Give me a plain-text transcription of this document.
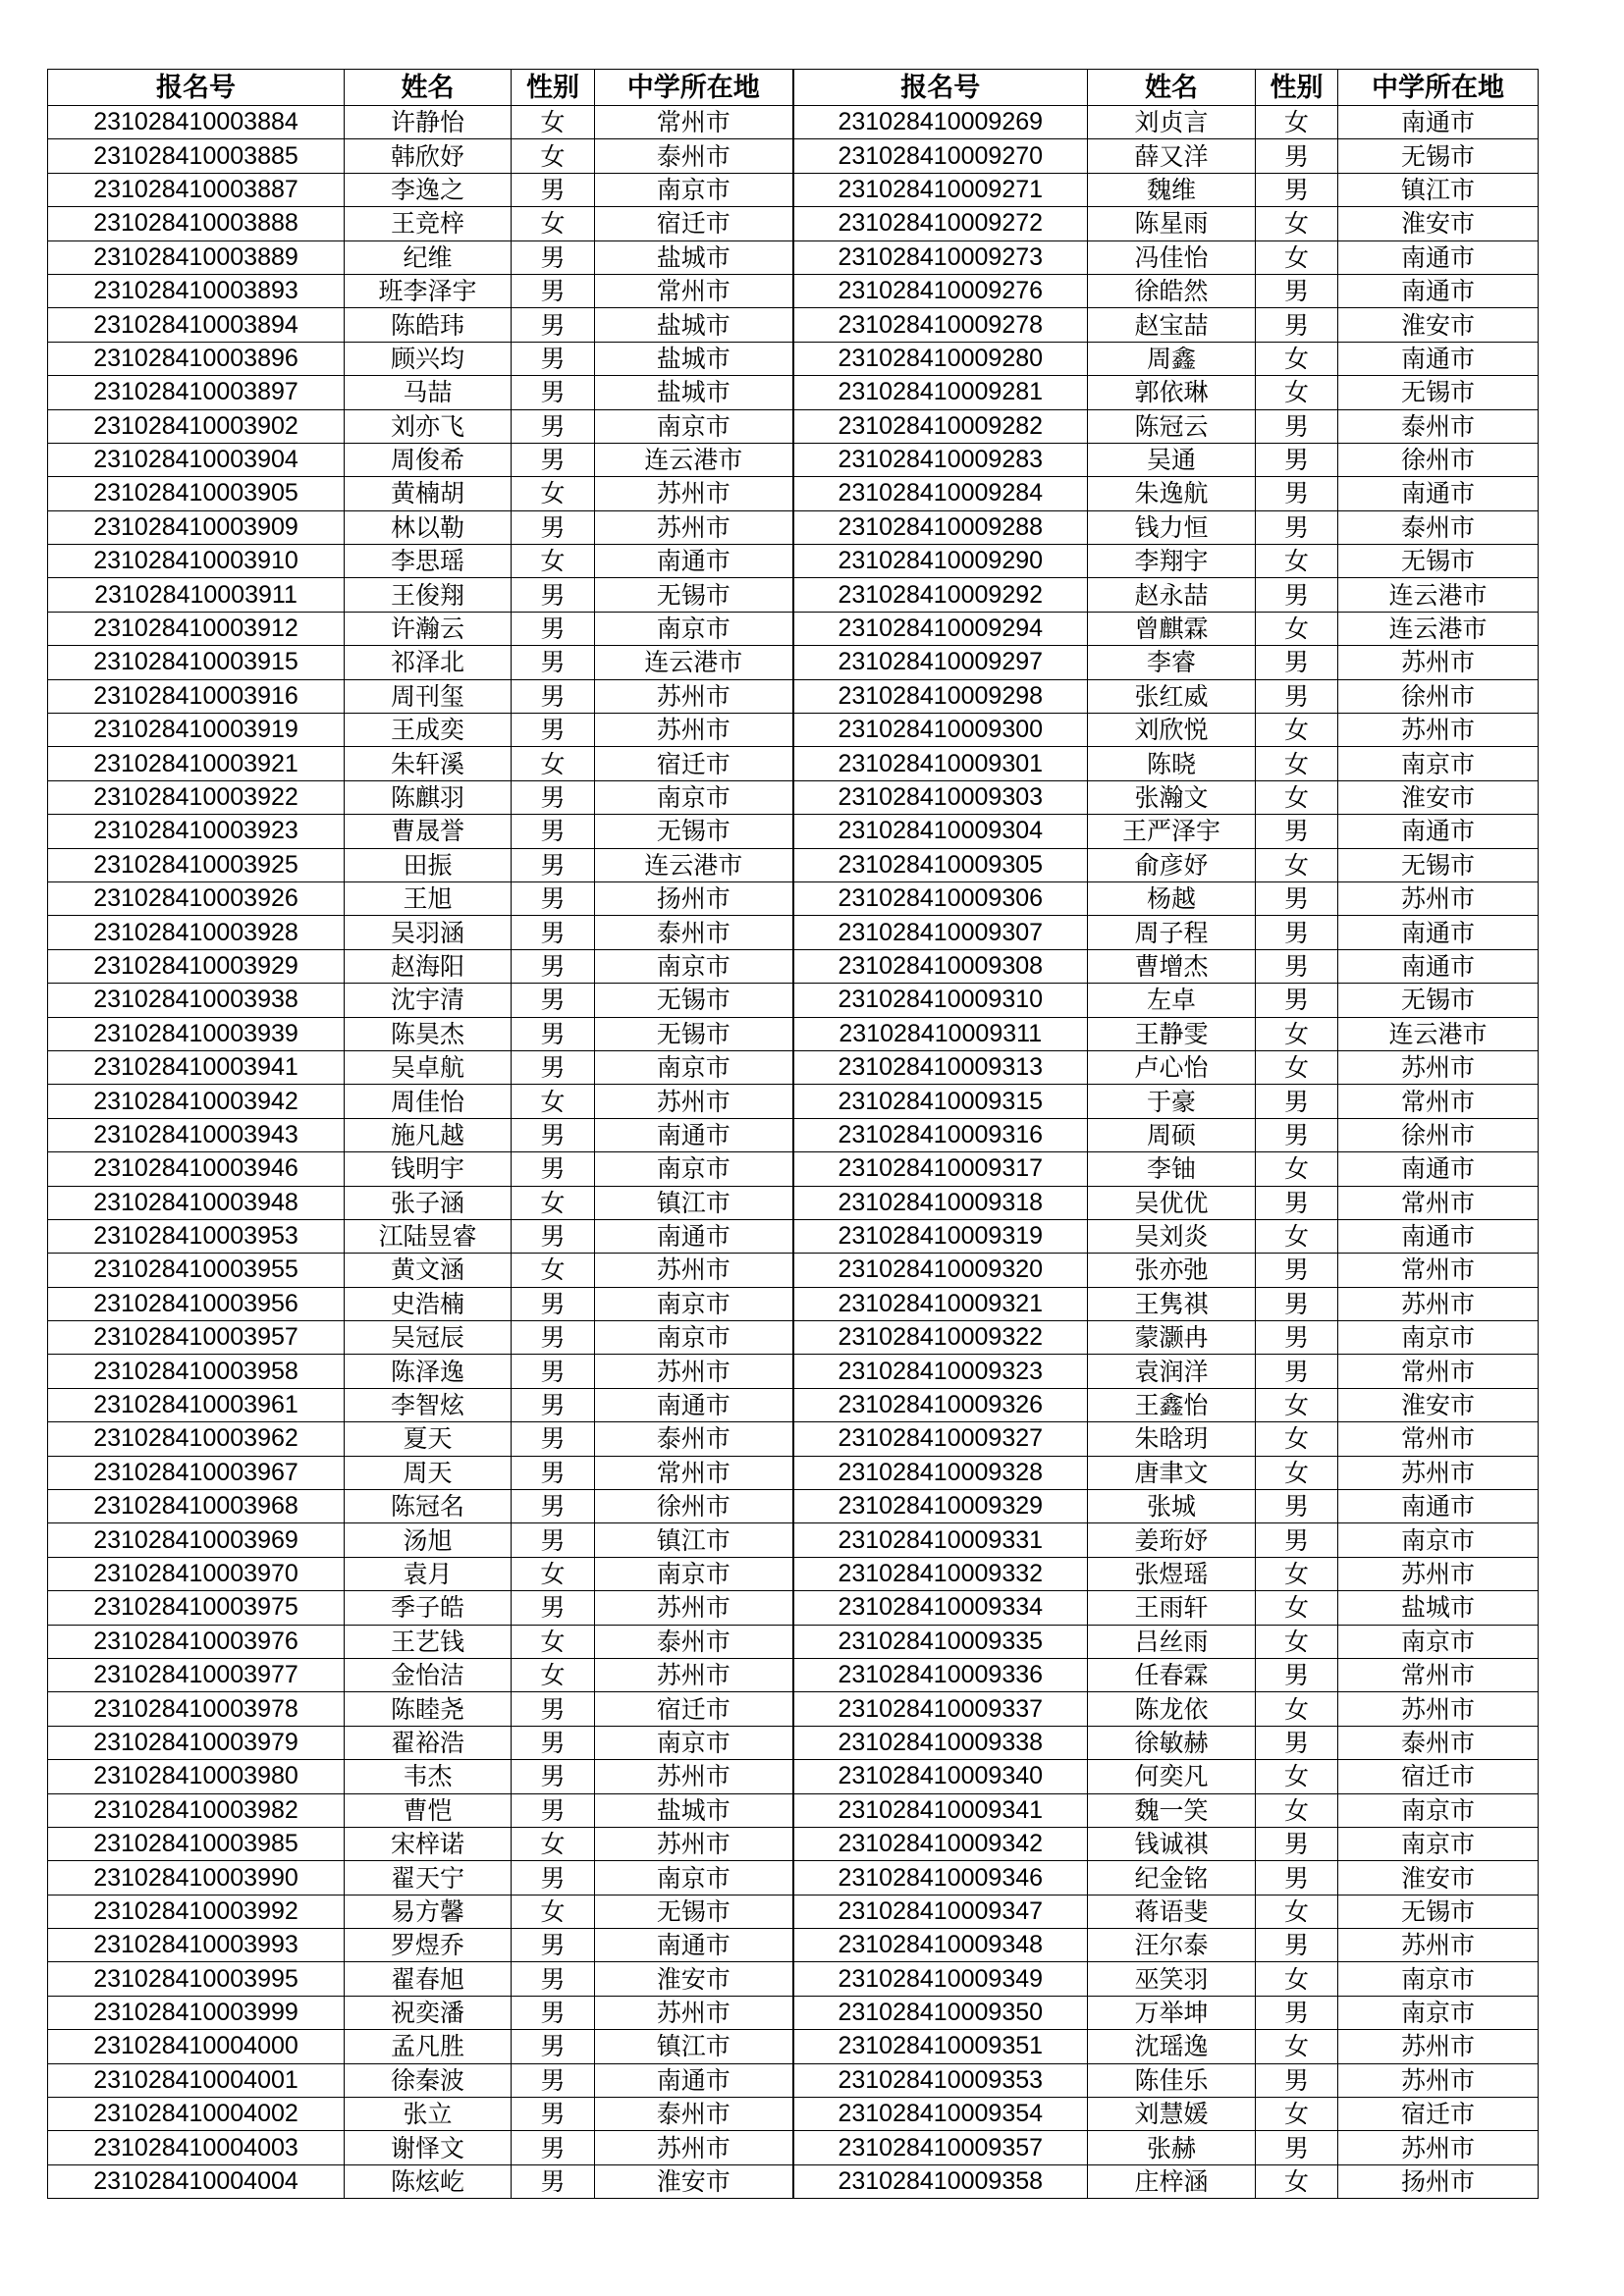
报名号	姓名	性别	中学所在地	报名号	姓名	性别	中学所在地
231028410003884	许静怡	女	常州市	231028410009269	刘贞言	女	南通市
231028410003885	韩欣妤	女	泰州市	231028410009270	薛又洋	男	无锡市
231028410003887	李逸之	男	南京市	231028410009271	魏维	男	镇江市
231028410003888	王竞梓	女	宿迁市	231028410009272	陈星雨	女	淮安市
231028410003889	纪维	男	盐城市	231028410009273	冯佳怡	女	南通市
231028410003893	班李泽宇	男	常州市	231028410009276	徐皓然	男	南通市
231028410003894	陈皓玮	男	盐城市	231028410009278	赵宝喆	男	淮安市
231028410003896	顾兴均	男	盐城市	231028410009280	周鑫	女	南通市
231028410003897	马喆	男	盐城市	231028410009281	郭依琳	女	无锡市
231028410003902	刘亦飞	男	南京市	231028410009282	陈冠云	男	泰州市
231028410003904	周俊希	男	连云港市	231028410009283	吴通	男	徐州市
231028410003905	黄楠胡	女	苏州市	231028410009284	朱逸航	男	南通市
231028410003909	林以勒	男	苏州市	231028410009288	钱力恒	男	泰州市
231028410003910	李思瑶	女	南通市	231028410009290	李翔宇	女	无锡市
231028410003911	王俊翔	男	无锡市	231028410009292	赵永喆	男	连云港市
231028410003912	许瀚云	男	南京市	231028410009294	曾麒霖	女	连云港市
231028410003915	祁泽北	男	连云港市	231028410009297	李睿	男	苏州市
231028410003916	周刊玺	男	苏州市	231028410009298	张红威	男	徐州市
231028410003919	王成奕	男	苏州市	231028410009300	刘欣悦	女	苏州市
231028410003921	朱轩溪	女	宿迁市	231028410009301	陈晓	女	南京市
231028410003922	陈麒羽	男	南京市	231028410009303	张瀚文	女	淮安市
231028410003923	曹晟誉	男	无锡市	231028410009304	王严泽宇	男	南通市
231028410003925	田振	男	连云港市	231028410009305	俞彦妤	女	无锡市
231028410003926	王旭	男	扬州市	231028410009306	杨越	男	苏州市
231028410003928	吴羽涵	男	泰州市	231028410009307	周子程	男	南通市
231028410003929	赵海阳	男	南京市	231028410009308	曹增杰	男	南通市
231028410003938	沈宇清	男	无锡市	231028410009310	左卓	男	无锡市
231028410003939	陈昊杰	男	无锡市	231028410009311	王静雯	女	连云港市
231028410003941	吴卓航	男	南京市	231028410009313	卢心怡	女	苏州市
231028410003942	周佳怡	女	苏州市	231028410009315	于豪	男	常州市
231028410003943	施凡越	男	南通市	231028410009316	周硕	男	徐州市
231028410003946	钱明宇	男	南京市	231028410009317	李铀	女	南通市
231028410003948	张子涵	女	镇江市	231028410009318	吴优优	男	常州市
231028410003953	江陆昱睿	男	南通市	231028410009319	吴刘炎	女	南通市
231028410003955	黄文涵	女	苏州市	231028410009320	张亦弛	男	常州市
231028410003956	史浩楠	男	南京市	231028410009321	王隽祺	男	苏州市
231028410003957	吴冠辰	男	南京市	231028410009322	蒙灏冉	男	南京市
231028410003958	陈泽逸	男	苏州市	231028410009323	袁润洋	男	常州市
231028410003961	李智炫	男	南通市	231028410009326	王鑫怡	女	淮安市
231028410003962	夏天	男	泰州市	231028410009327	朱晗玥	女	常州市
231028410003967	周天	男	常州市	231028410009328	唐聿文	女	苏州市
231028410003968	陈冠名	男	徐州市	231028410009329	张城	男	南通市
231028410003969	汤旭	男	镇江市	231028410009331	姜珩妤	男	南京市
231028410003970	袁月	女	南京市	231028410009332	张煜瑶	女	苏州市
231028410003975	季子皓	男	苏州市	231028410009334	王雨轩	女	盐城市
231028410003976	王艺钱	女	泰州市	231028410009335	吕丝雨	女	南京市
231028410003977	金怡洁	女	苏州市	231028410009336	任春霖	男	常州市
231028410003978	陈睦尧	男	宿迁市	231028410009337	陈龙依	女	苏州市
231028410003979	翟裕浩	男	南京市	231028410009338	徐敏赫	男	泰州市
231028410003980	韦杰	男	苏州市	231028410009340	何奕凡	女	宿迁市
231028410003982	曹恺	男	盐城市	231028410009341	魏一笑	女	南京市
231028410003985	宋梓诺	女	苏州市	231028410009342	钱诚祺	男	南京市
231028410003990	翟天宁	男	南京市	231028410009346	纪金铭	男	淮安市
231028410003992	易方馨	女	无锡市	231028410009347	蒋语斐	女	无锡市
231028410003993	罗煜乔	男	南通市	231028410009348	汪尔泰	男	苏州市
231028410003995	翟春旭	男	淮安市	231028410009349	巫笑羽	女	南京市
231028410003999	祝奕潘	男	苏州市	231028410009350	万举坤	男	南京市
231028410004000	孟凡胜	男	镇江市	231028410009351	沈瑶逸	女	苏州市
231028410004001	徐秦波	男	南通市	231028410009353	陈佳乐	男	苏州市
231028410004002	张立	男	泰州市	231028410009354	刘慧媛	女	宿迁市
231028410004003	谢怿文	男	苏州市	231028410009357	张赫	男	苏州市
231028410004004	陈炫屹	男	淮安市	231028410009358	庄梓涵	女	扬州市
